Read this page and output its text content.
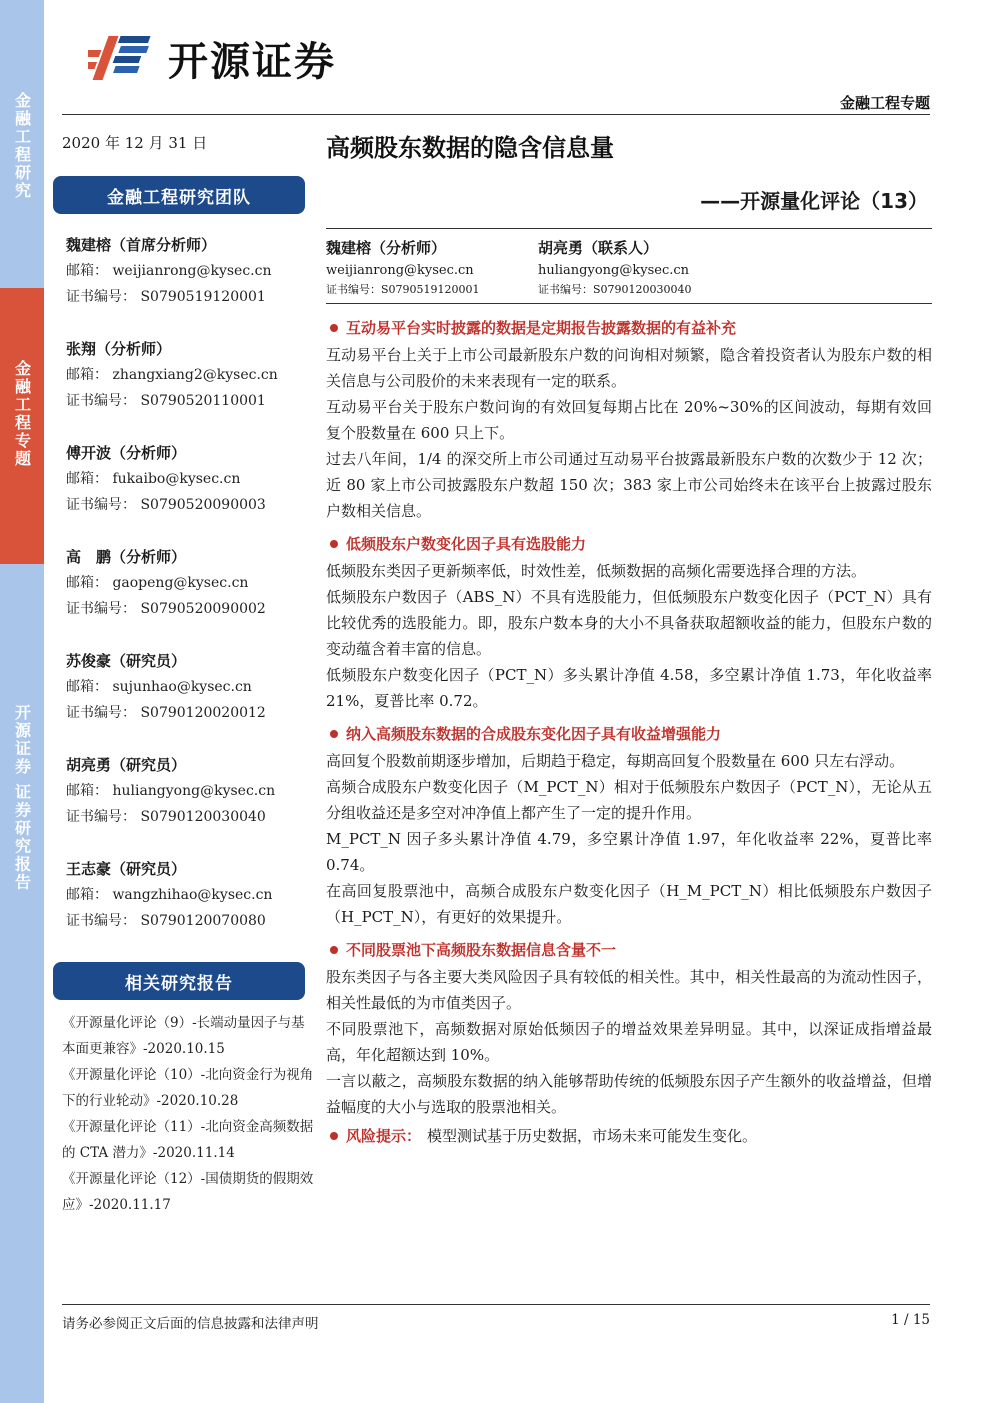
金融工程研究
金融工程专题
开源证券 证券研究报告
开源证券
金融工程专题
2020 年 12 月 31 日
金融工程研究团队
魏建榕（首席分析师）
邮箱： weijianrong@kysec.cn
证书编号： S0790519120001
张翔（分析师）
邮箱： zhangxiang2@kysec.cn
证书编号： S0790520110001
傅开波（分析师）
邮箱： fukaibo@kysec.cn
证书编号： S0790520090003
高　鹏（分析师）
邮箱： gaopeng@kysec.cn
证书编号： S0790520090002
苏俊豪（研究员）
邮箱： sujunhao@kysec.cn
证书编号： S0790120020012
胡亮勇（研究员）
邮箱： huliangyong@kysec.cn
证书编号： S0790120030040
王志豪（研究员）
邮箱： wangzhihao@kysec.cn
证书编号： S0790120070080
相关研究报告
《开源量化评论（9）-长端动量因子与基本面更兼容》-2020.10.15
《开源量化评论（10）-北向资金行为视角下的行业轮动》-2020.10.28
《开源量化评论（11）-北向资金高频数据的 CTA 潜力》-2020.11.14
《开源量化评论（12）-国债期货的假期效应》-2020.11.17
高频股东数据的隐含信息量
——开源量化评论（13）
魏建榕（分析师）
weijianrong@kysec.cn
证书编号：S0790519120001
胡亮勇（联系人）
huliangyong@kysec.cn
证书编号：S0790120030040
互动易平台实时披露的数据是定期报告披露数据的有益补充
互动易平台上关于上市公司最新股东户数的问询相对频繁，隐含着投资者认为股东户数的相关信息与公司股价的未来表现有一定的联系。
互动易平台关于股东户数问询的有效回复每期占比在 20%~30%的区间波动，每期有效回复个股数量在 600 只上下。
过去八年间，1/4 的深交所上市公司通过互动易平台披露最新股东户数的次数少于 12 次；近 80 家上市公司披露股东户数超 150 次；383 家上市公司始终未在该平台上披露过股东户数相关信息。
低频股东户数变化因子具有选股能力
低频股东类因子更新频率低，时效性差，低频数据的高频化需要选择合理的方法。
低频股东户数因子（ABS_N）不具有选股能力，但低频股东户数变化因子（PCT_N）具有比较优秀的选股能力。即，股东户数本身的大小不具备获取超额收益的能力，但股东户数的变动蕴含着丰富的信息。
低频股东户数变化因子（PCT_N）多头累计净值 4.58，多空累计净值 1.73，年化收益率 21%，夏普比率 0.72。
纳入高频股东数据的合成股东变化因子具有收益增强能力
高回复个股数前期逐步增加，后期趋于稳定，每期高回复个股数量在 600 只左右浮动。
高频合成股东户数变化因子（M_PCT_N）相对于低频股东户数因子（PCT_N），无论从五分组收益还是多空对冲净值上都产生了一定的提升作用。
M_PCT_N 因子多头累计净值 4.79，多空累计净值 1.97，年化收益率 22%，夏普比率 0.74。
在高回复股票池中，高频合成股东户数变化因子（H_M_PCT_N）相比低频股东户数因子（H_PCT_N），有更好的效果提升。
不同股票池下高频股东数据信息含量不一
股东类因子与各主要大类风险因子具有较低的相关性。其中，相关性最高的为流动性因子，相关性最低的为市值类因子。
不同股票池下，高频数据对原始低频因子的增益效果差异明显。其中，以深证成指增益最高，年化超额达到 10%。
一言以蔽之，高频股东数据的纳入能够帮助传统的低频股东因子产生额外的收益增益，但增益幅度的大小与选取的股票池相关。
风险提示： 模型测试基于历史数据，市场未来可能发生变化。
请务必参阅正文后面的信息披露和法律声明	1 / 15
